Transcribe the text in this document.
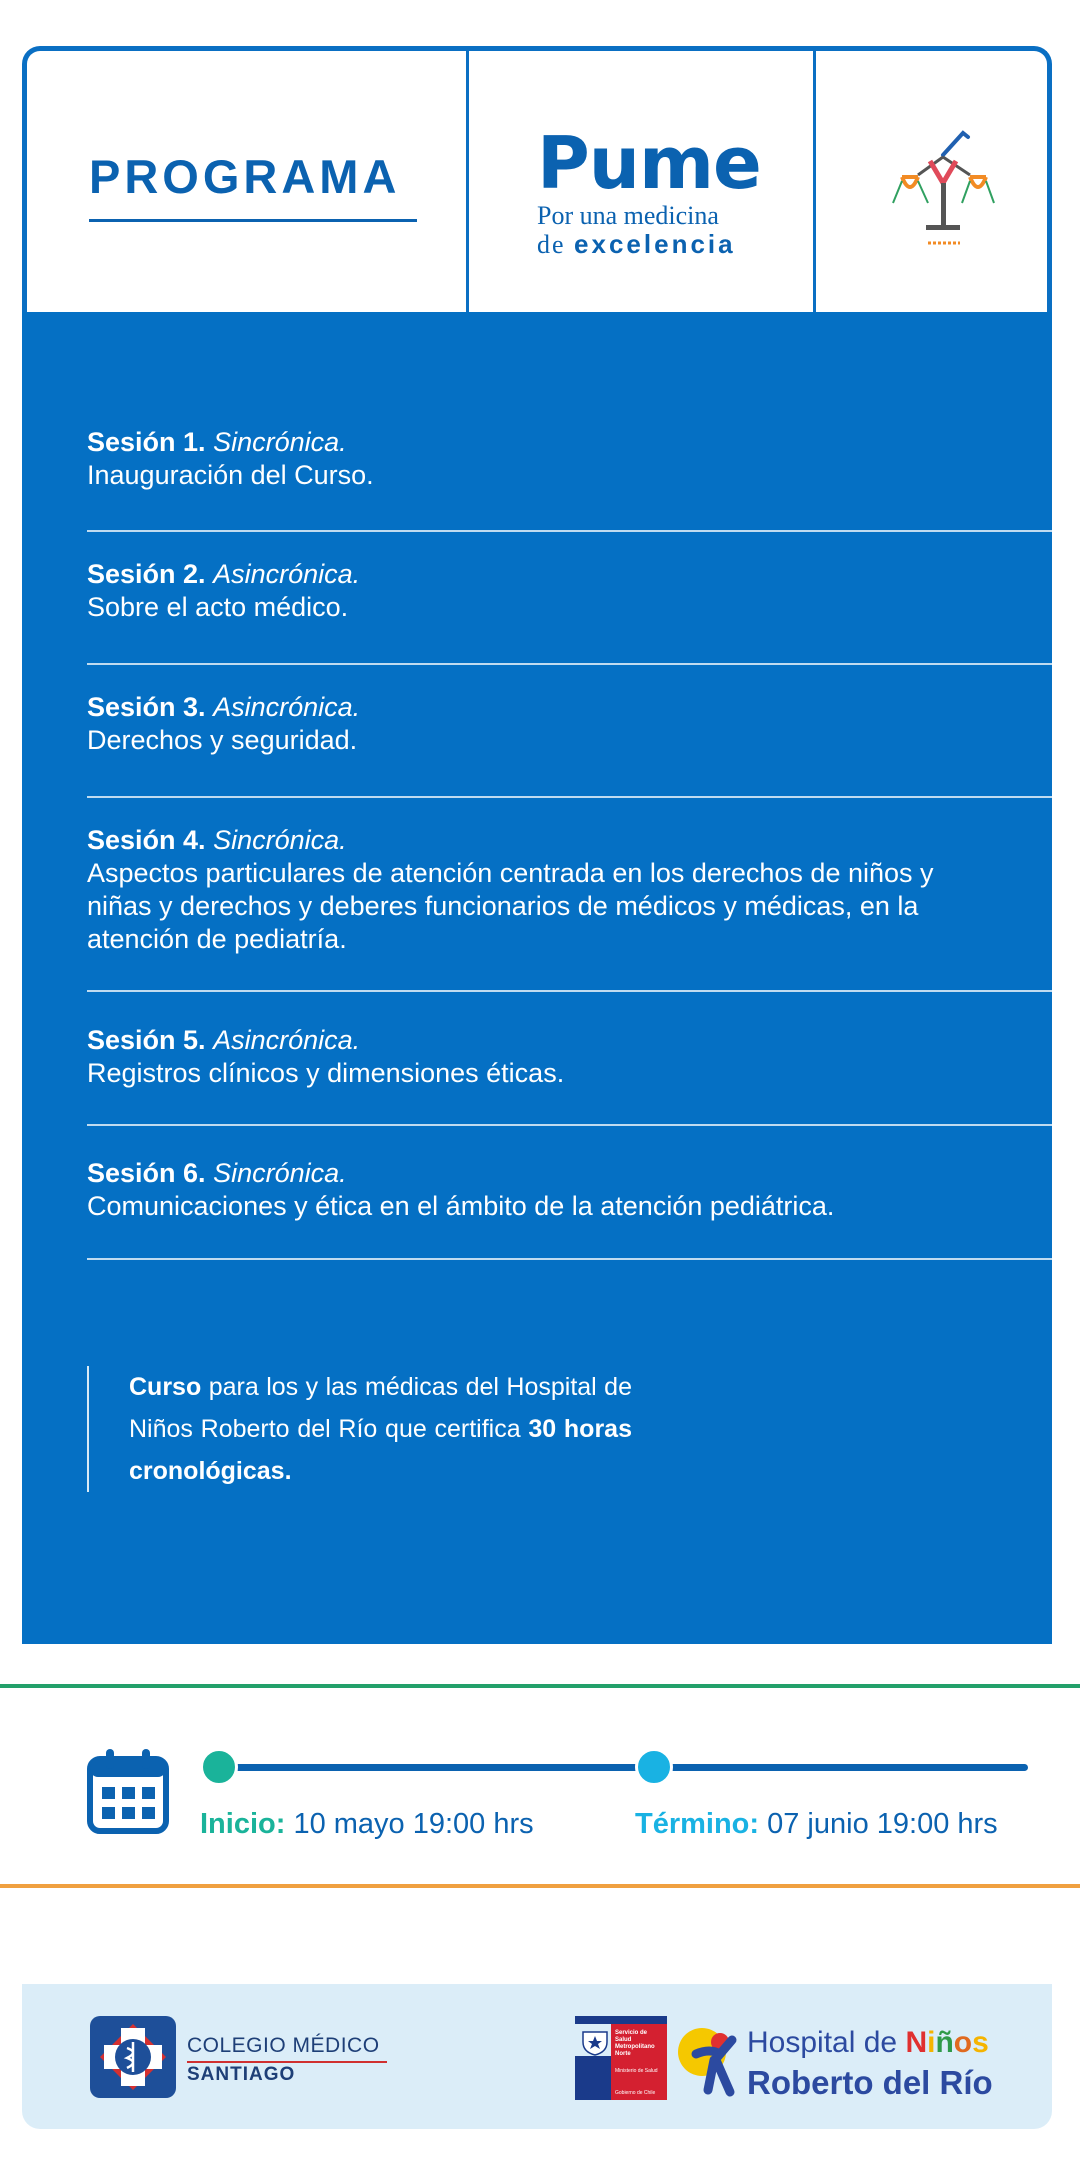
PROGRAMA Pume
Por una medicina
de excelencia
Sesión 1. Sincrónica.
Inauguración del Curso.
Sesión 2. Asincrónica.
Sobre el acto médico.
Sesión 3. Asincrónica.
Derechos y seguridad.
Sesión 4. Sincrónica.
Aspectos particulares de atención centrada en los derechos de niños y niñas y derechos y deberes funcionarios de médicos y médicas, en la atención de pediatría.
Sesión 5. Asincrónica.
Registros clínicos y dimensiones éticas.
Sesión 6. Sincrónica.
Comunicaciones y ética en el ámbito de la atención pediátrica.
Curso para los y las médicas del Hospital de Niños Roberto del Río que certifica 30 horas cronológicas.
Inicio: 10 mayo 19:00 hrs	Término: 07 junio 19:00 hrs
COLEGIO MÉDICO
SANTIAGO
Servicio de Salud Metropolitano Norte
Ministerio de Salud
Gobierno de Chile
Hospital de Niños
Roberto del Río
